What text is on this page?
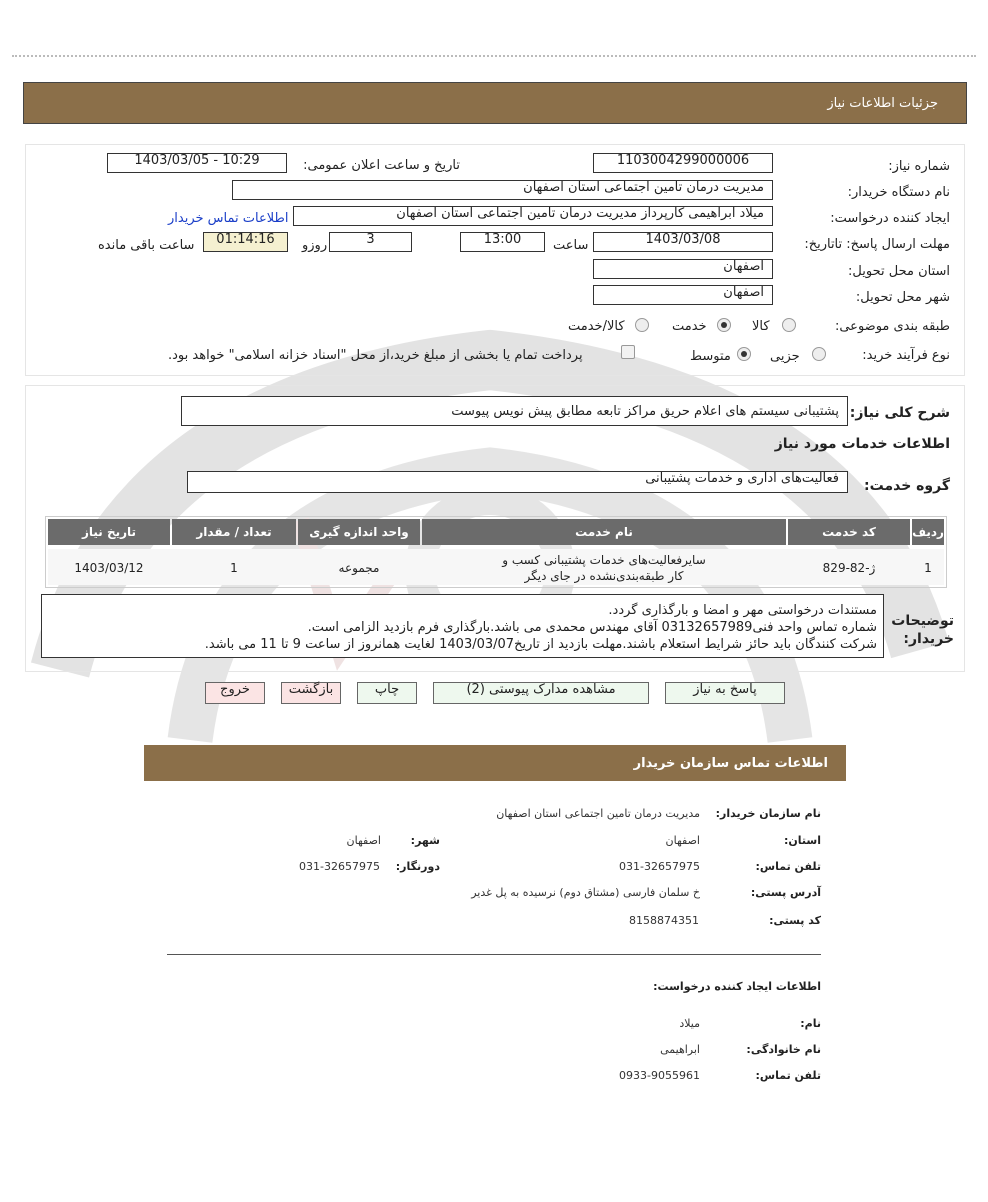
جزئیات اطلاعات نیاز
شماره نیاز:
1103004299000006
تاریخ و ساعت اعلان عمومی:
1403/03/05 - 10:29
نام دستگاه خریدار:
مدیریت درمان تامین اجتماعی استان اصفهان
ایجاد کننده درخواست:
میلاد ابراهیمی کارپرداز مدیریت درمان تامین اجتماعی استان اصفهان
اطلاعات تماس خریدار
مهلت ارسال پاسخ: تاتاریخ:
1403/03/08
ساعت
13:00
3
روزو
01:14:16
ساعت باقی مانده
استان محل تحویل:
اصفهان
شهر محل تحویل:
اصفهان
طبقه بندی موضوعی:
کالا
خدمت
کالا/خدمت
نوع فرآیند خرید:
جزیی
متوسط
پرداخت تمام یا بخشی از مبلغ خرید،از محل "اسناد خزانه اسلامی" خواهد بود.
شرح کلی نیاز:
پشتیبانی سیستم های اعلام حریق مراکز تابعه مطابق پیش نویس پیوست
اطلاعات خدمات مورد نیاز
گروه خدمت:
فعالیت‌های اداری و خدمات پشتیبانی
ردیف
کد خدمت
نام خدمت
واحد اندازه گیری
تعداد / مقدار
تاریخ نیاز
1
ژ-82-829
سایرفعالیت‌های خدمات پشتیبانی کسب و
کار طبقه‌بندی‌نشده در جای دیگر
مجموعه
1
1403/03/12
توضیحات خریدار:
مستندات درخواستی مهر و امضا و بارگذاری گردد.
شماره تماس واحد فنی03132657989 آقای مهندس محمدی می باشد.بارگذاری فرم بازدید الزامی است.
شرکت کنندگان باید حائز شرایط استعلام باشند.مهلت بازدید از تاریخ1403/03/07 لغایت همانروز از ساعت 9 تا 11 می باشد.
پاسخ به نیاز
مشاهده مدارک پیوستی (2)
چاپ
بازگشت
خروج
اطلاعات تماس سازمان خریدار
نام سازمان خریدار:
مدیریت درمان تامین اجتماعی استان اصفهان
استان:
اصفهان
شهر:
اصفهان
تلفن تماس:
031-32657975
دورنگار:
031-32657975
آدرس پستی:
خ سلمان فارسی (مشتاق دوم) نرسیده به پل غدیر
کد پستی:
8158874351
اطلاعات ایجاد کننده درخواست:
نام:
میلاد
نام خانوادگی:
ابراهیمی
تلفن تماس:
0933-9055961
